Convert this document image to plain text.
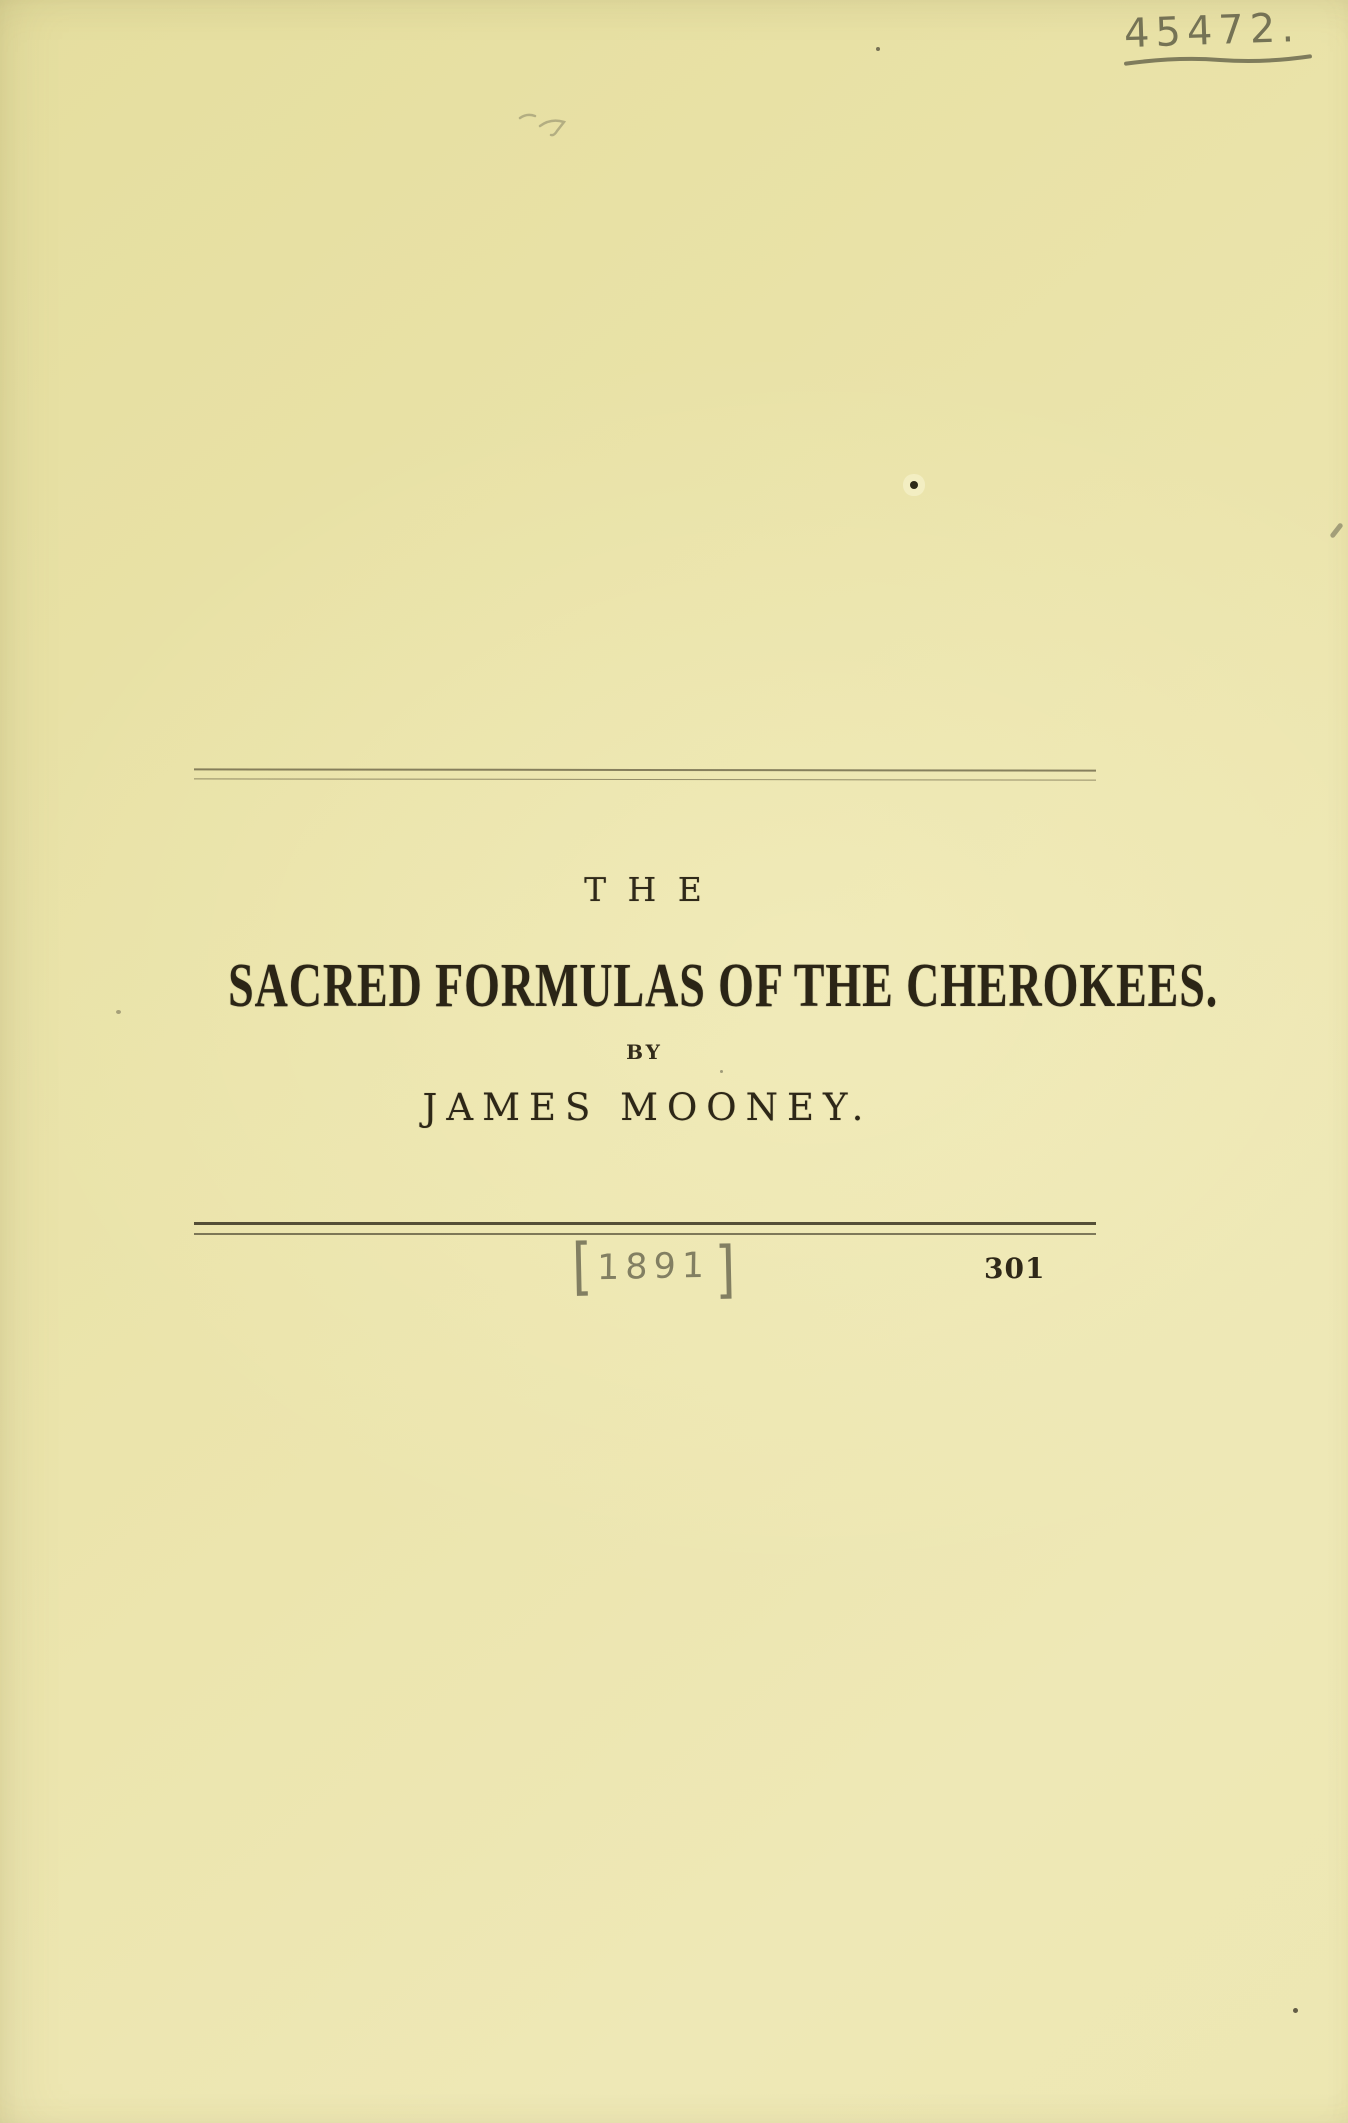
45472.
THE
SACRED FORMULAS OF THE CHEROKEES.
BY
JAMES MOONEY.
[ 1891 ]	301
